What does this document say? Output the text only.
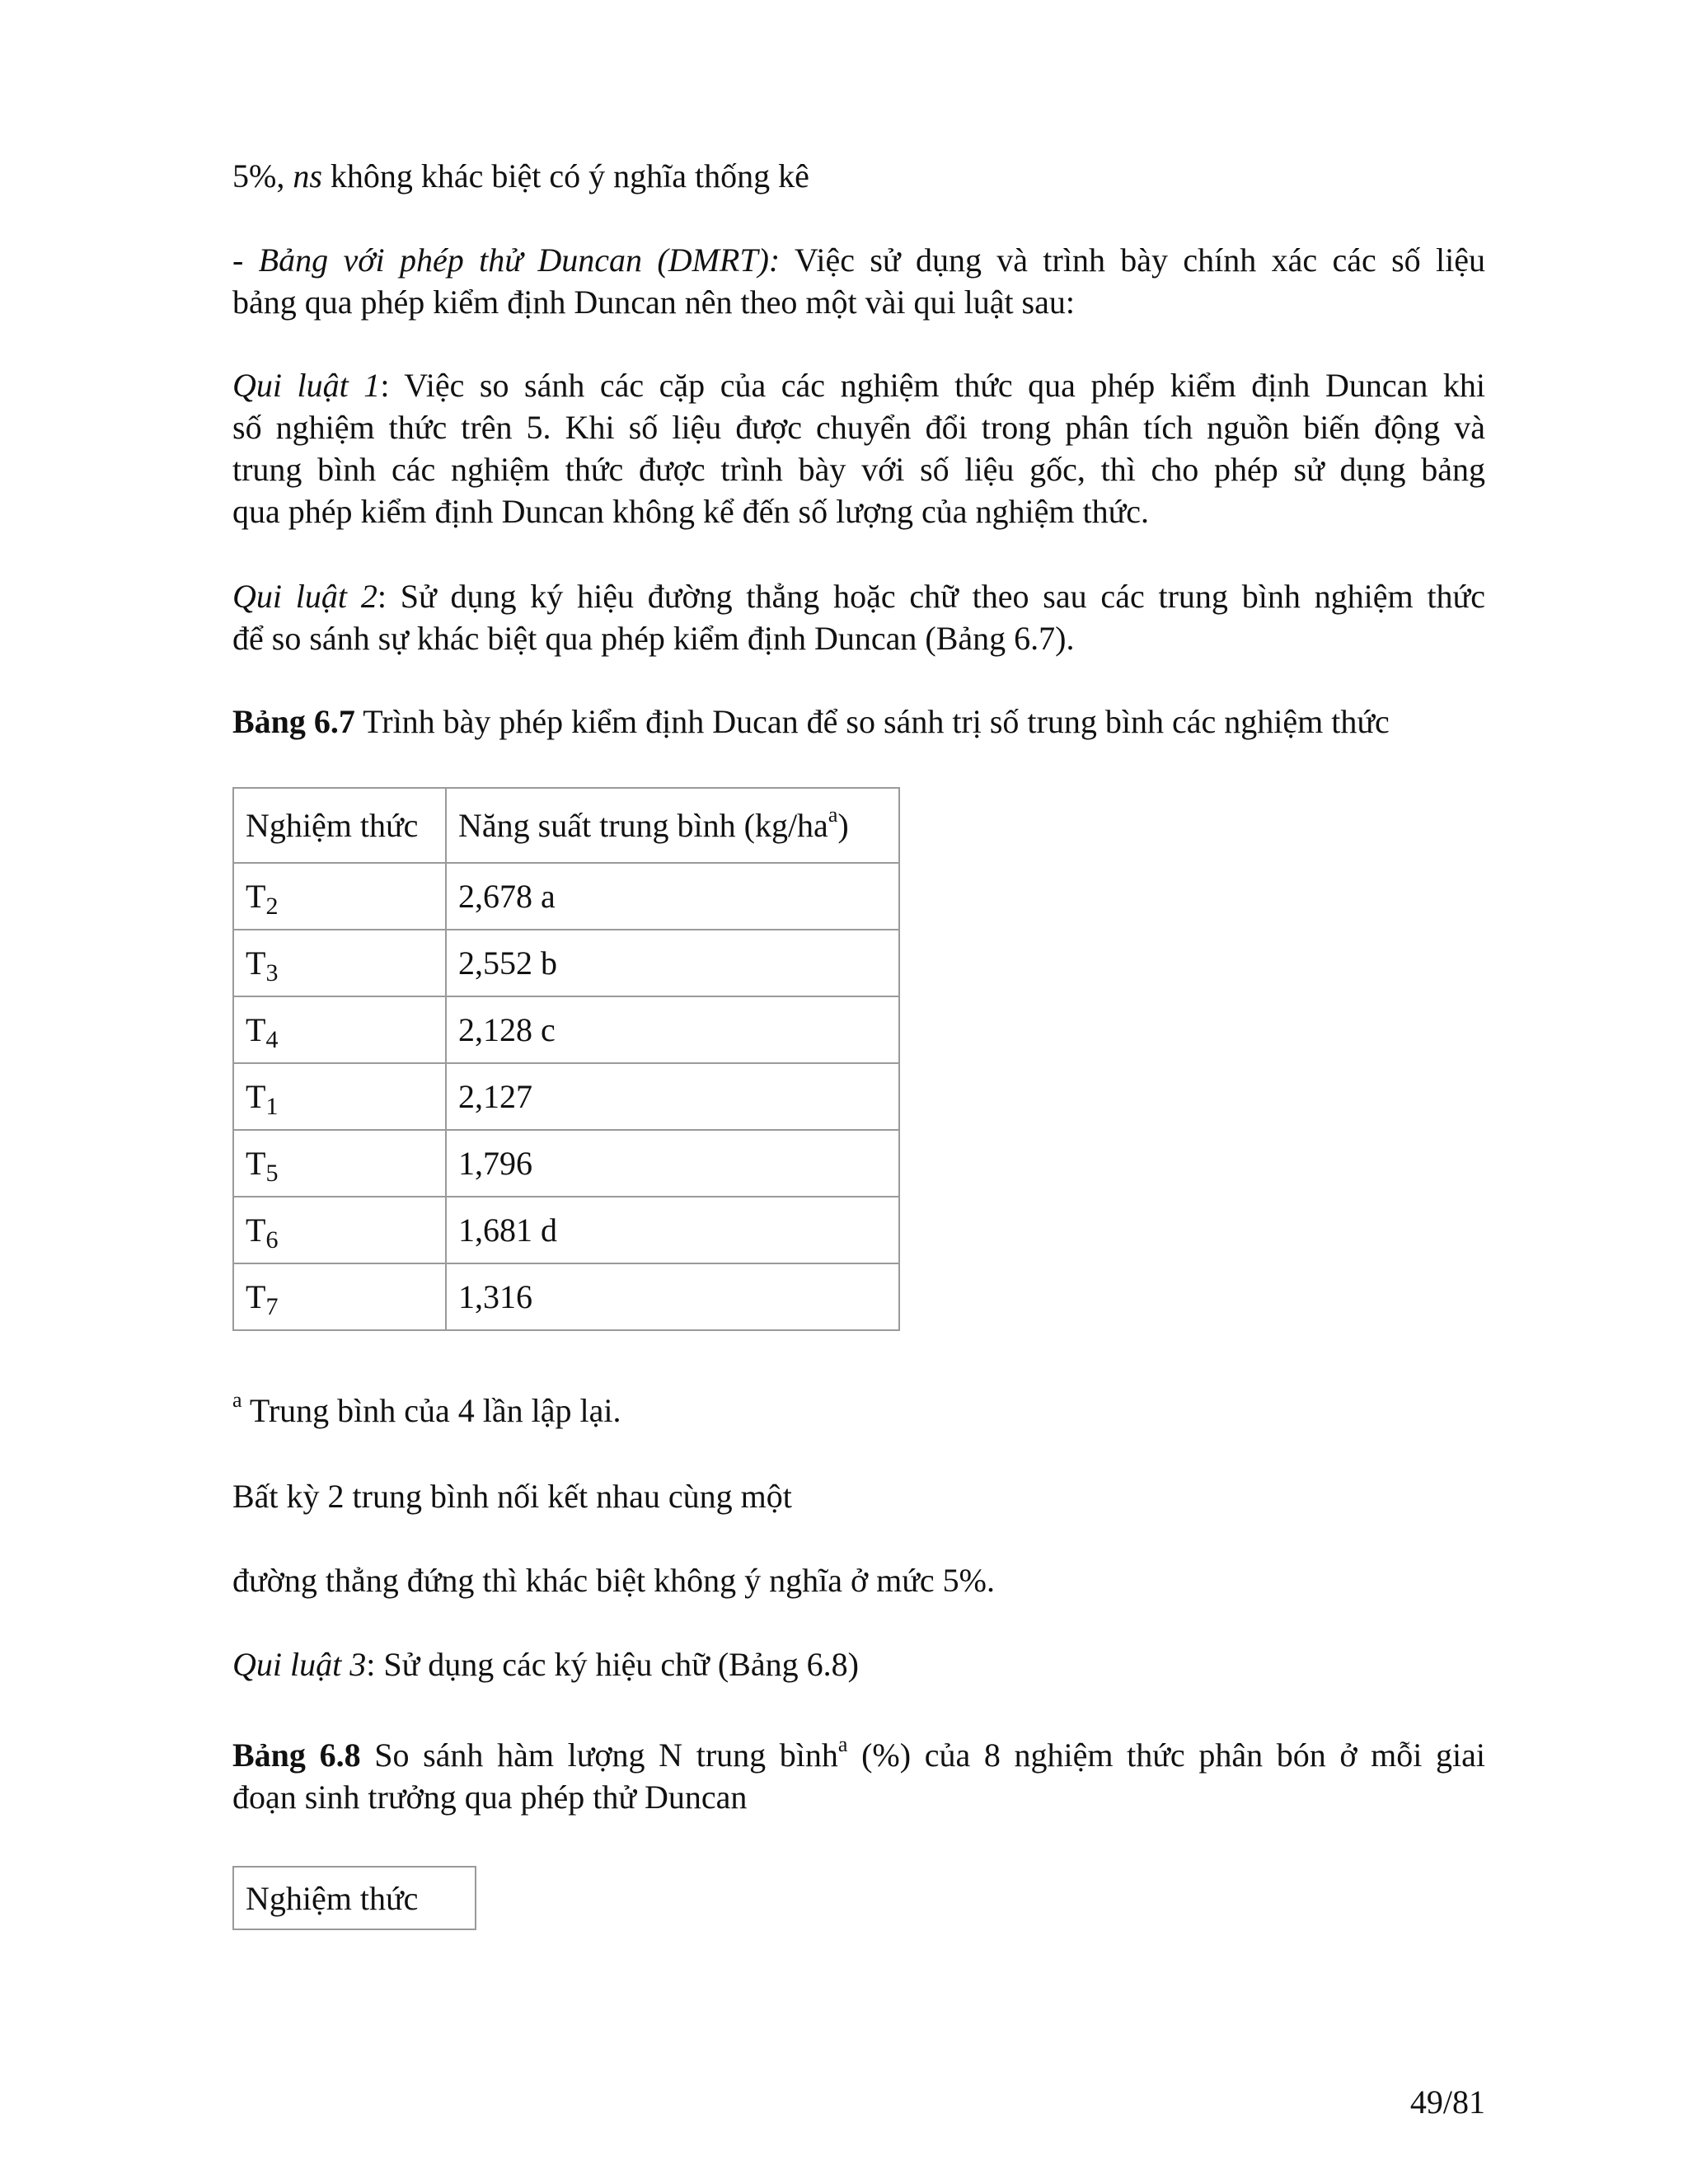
5%, ns không khác biệt có ý nghĩa thống kê

- Bảng với phép thử Duncan (DMRT): Việc sử dụng và trình bày chính xác các số liệu
bảng qua phép kiểm định Duncan nên theo một vài qui luật sau:
Qui luật 1: Việc so sánh các cặp của các nghiệm thức qua phép kiểm định Duncan khi
số nghiệm thức trên 5. Khi số liệu được chuyển đổi trong phân tích nguồn biến động và
trung bình các nghiệm thức được trình bày với số liệu gốc, thì cho phép sử dụng bảng
qua phép kiểm định Duncan không kể đến số lượng của nghiệm thức.
Qui luật 2: Sử dụng ký hiệu đường thẳng hoặc chữ theo sau các trung bình nghiệm thức
để so sánh sự khác biệt qua phép kiểm định Duncan (Bảng 6.7).

Bảng 6.7 Trình bày phép kiểm định Ducan để so sánh trị số trung bình các nghiệm thức

Nghiệm thức	Năng suất trung bình $(kg/ha^a)$
$T_2$	2,678 a
$T_3$	2,552 b
$T_4$	2,128 c
$T_1$	2,127
$T_5$	1,796
$T_6$	1,681 d
$T_7$	1,316

$^a$ Trung bình của 4 lần lập lại.

Bất kỳ 2 trung bình nối kết nhau cùng một

đường thẳng đứng thì khác biệt không ý nghĩa ở mức 5%.

Qui luật 3: Sử dụng các ký hiệu chữ (Bảng 6.8)

Bảng 6.8 So sánh hàm lượng N trung bình$^a$ (%) của 8 nghiệm thức phân bón ở mỗi giai
đoạn sinh trưởng qua phép thử Duncan
Nghiệm thức
49/81
